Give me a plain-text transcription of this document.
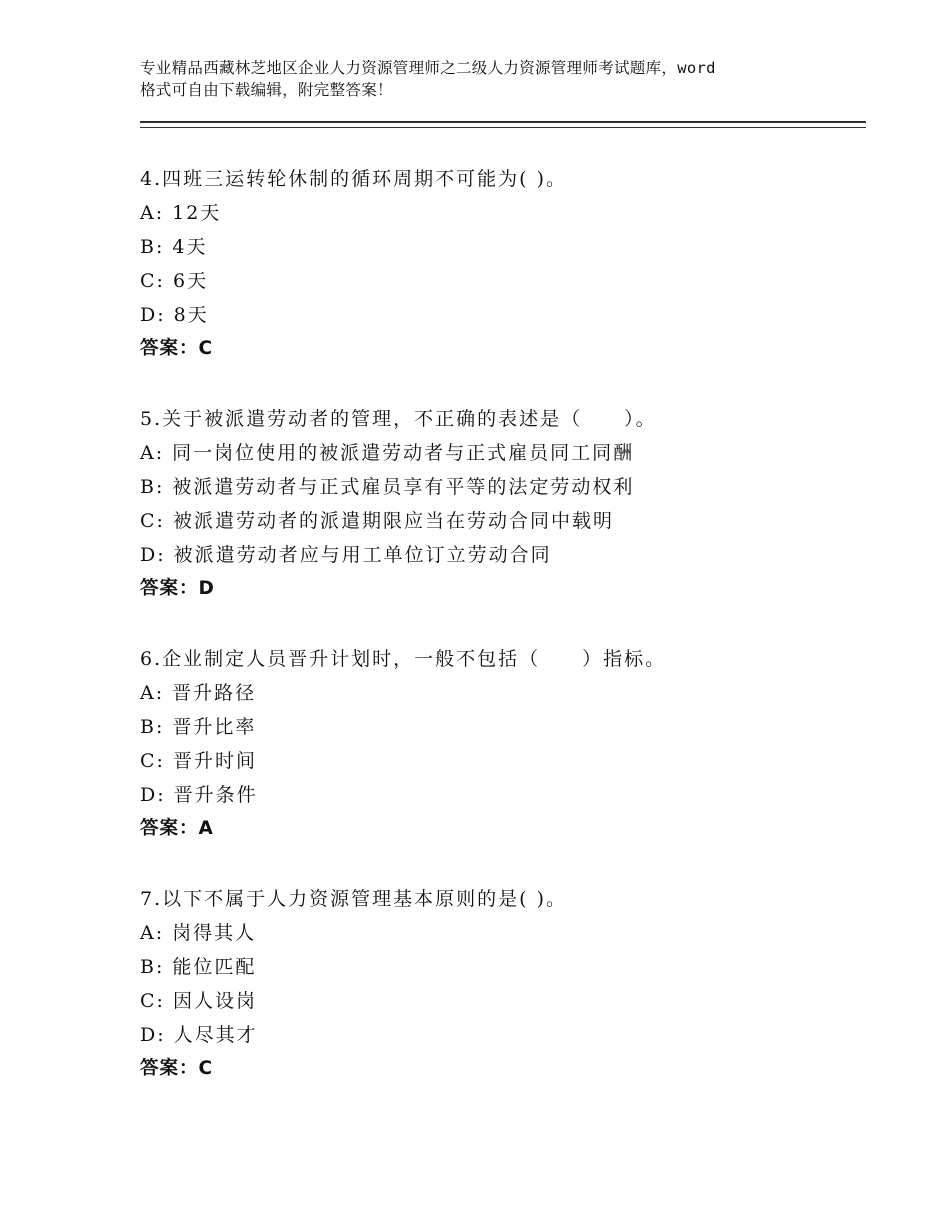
专业精品西藏林芝地区企业人力资源管理师之二级人力资源管理师考试题库，word
格式可自由下载编辑，附完整答案！
4.四班三运转轮休制的循环周期不可能为( )。
A: 12天
B: 4天
C: 6天
D: 8天
答案：C
5.关于被派遣劳动者的管理，不正确的表述是（　　）。
A: 同一岗位使用的被派遣劳动者与正式雇员同工同酬
B: 被派遣劳动者与正式雇员享有平等的法定劳动权利
C: 被派遣劳动者的派遣期限应当在劳动合同中载明
D: 被派遣劳动者应与用工单位订立劳动合同
答案：D
6.企业制定人员晋升计划时，一般不包括（　　）指标。
A: 晋升路径
B: 晋升比率
C: 晋升时间
D: 晋升条件
答案：A
7.以下不属于人力资源管理基本原则的是( )。
A: 岗得其人
B: 能位匹配
C: 因人设岗
D: 人尽其才
答案：C
